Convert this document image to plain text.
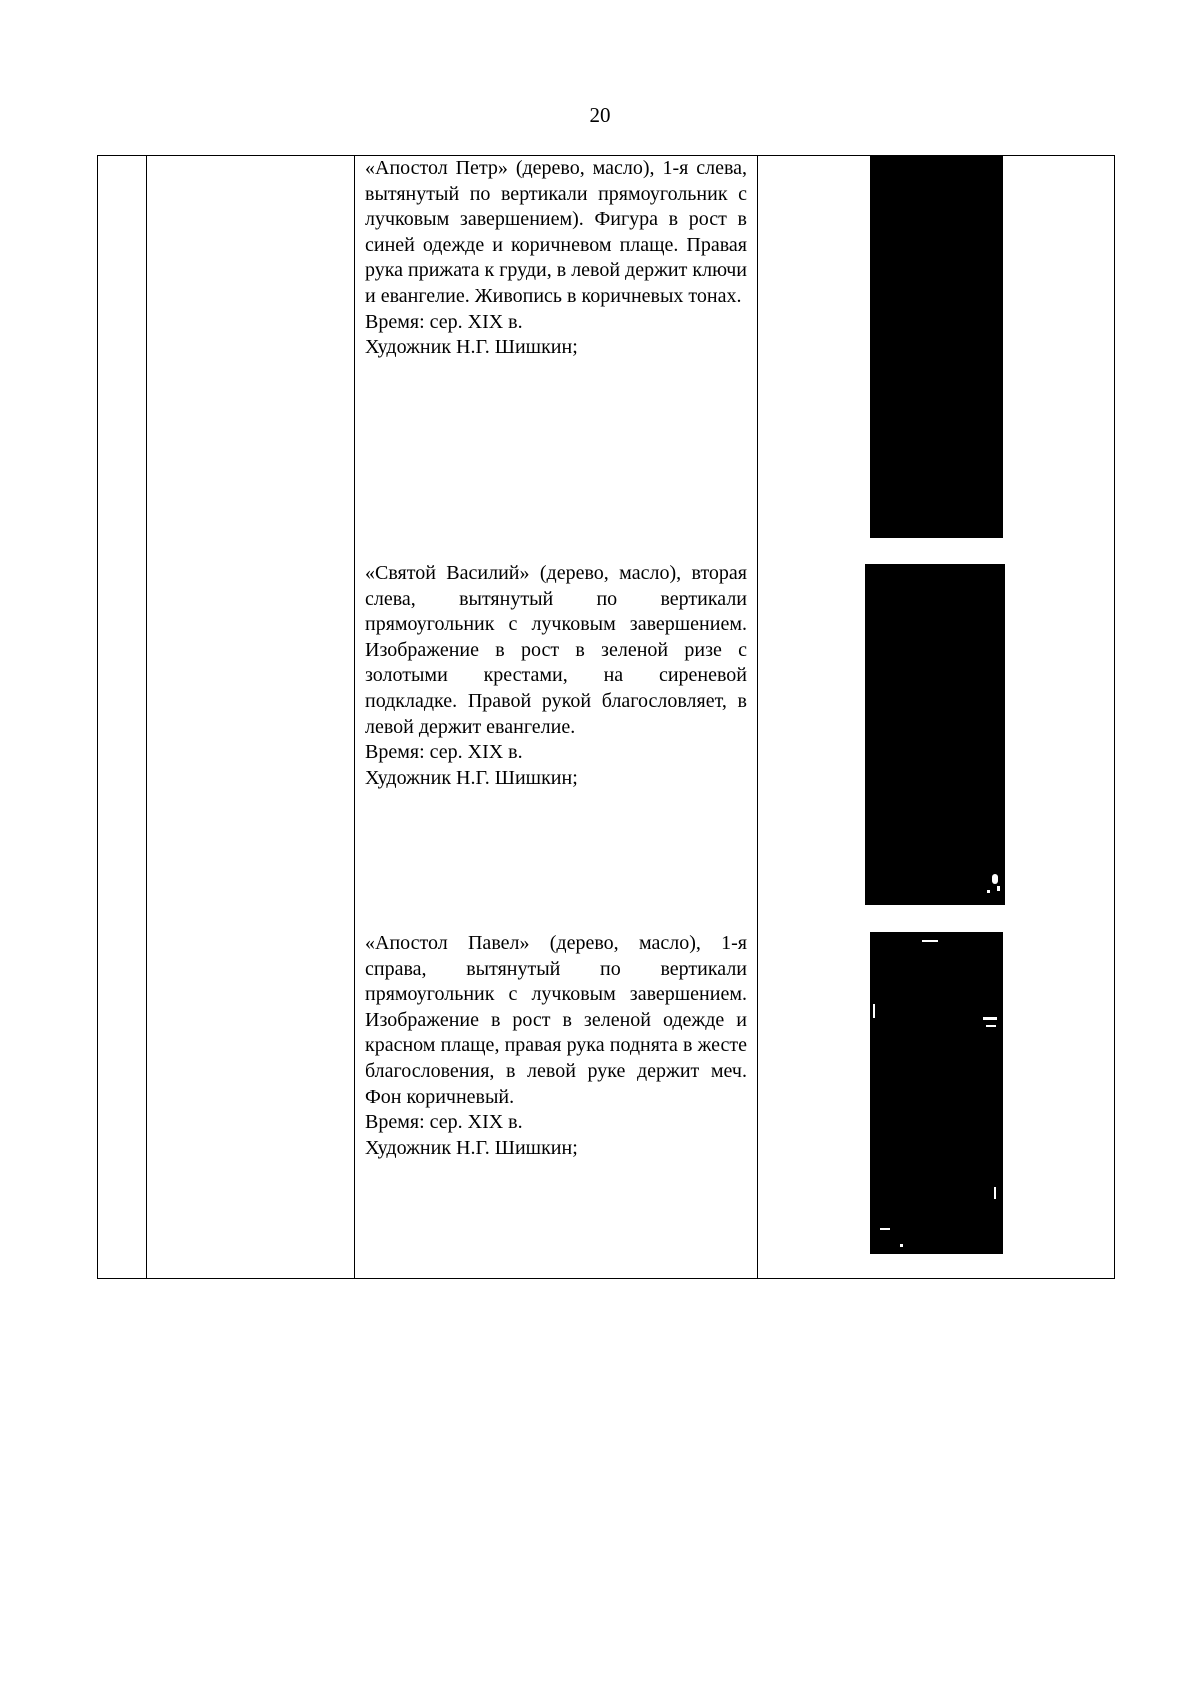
20

«Апостол Петр» (дерево, масло), 1-я слева, вытянутый по вертикали прямоугольник с лучковым завершением). Фигура в рост в синей одежде и коричневом плаще. Правая рука прижата к груди, в левой держит ключи и евангелие. Живопись в коричневых тонах.

Время: сер. XIX в.

Художник Н.Г. Шишкин;

«Святой Василий» (дерево, масло), вторая слева, вытянутый по вертикали прямоугольник с лучковым завершением. Изображение в рост в зеленой ризе с золотыми крестами, на сиреневой подкладке. Правой рукой благословляет, в левой держит евангелие.

Время: сер. XIX в.

Художник Н.Г. Шишкин;

«Апостол Павел» (дерево, масло), 1-я справа, вытянутый по вертикали прямоугольник с лучковым завершением. Изображение в рост в зеленой одежде и красном плаще, правая рука поднята в жесте благословения, в левой руке держит меч. Фон коричневый.

Время: сер. XIX в.

Художник Н.Г. Шишкин;
